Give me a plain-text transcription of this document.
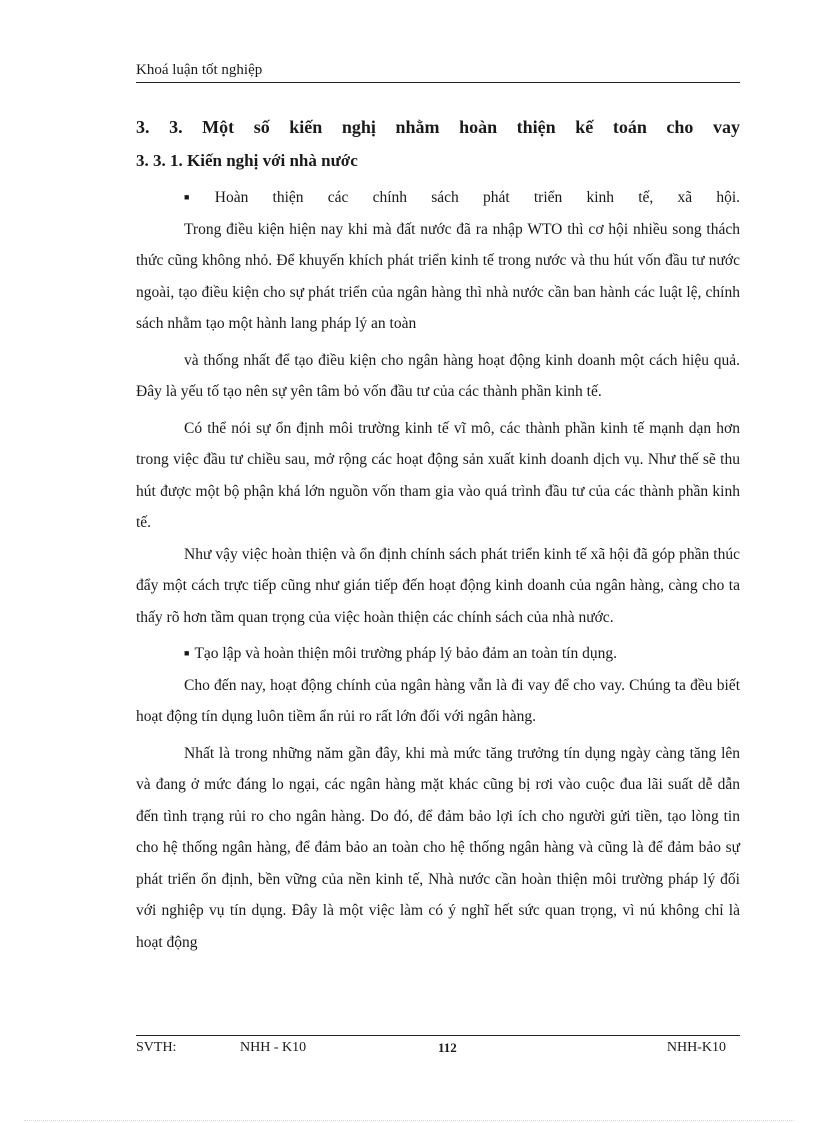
Khoá luận tốt nghiệp
3. 3. Một số kiến nghị nhằm hoàn thiện kế toán cho vay
3. 3. 1. Kiến nghị với nhà nước

■ Hoàn thiện các chính sách phát triển kinh tế, xã hội.

Trong điều kiện hiện nay khi mà đất nước đã ra nhập WTO thì cơ hội nhiều song thách thức cũng không nhỏ. Để khuyến khích phát triển kinh tế trong nước và thu hút vốn đầu tư nước ngoài, tạo điều kiện cho sự phát triển của ngân hàng thì nhà nước cần ban hành các luật lệ, chính sách nhằm tạo một hành lang pháp lý an toàn

và thống nhất để tạo điều kiện cho ngân hàng hoạt động kinh doanh một cách hiệu quả. Đây là yếu tố tạo nên sự yên tâm bỏ vốn đầu tư của các thành phần kinh tế.

Có thể nói sự ổn định môi trường kinh tế vĩ mô, các thành phần kinh tế mạnh dạn hơn trong việc đầu tư chiều sau, mở rộng các hoạt động sản xuất kinh doanh dịch vụ. Như thế sẽ thu hút được một bộ phận khá lớn nguồn vốn tham gia vào quá trình đầu tư của các thành phần kinh tế.

Như vậy việc hoàn thiện và ổn định chính sách phát triển kinh tế xã hội đã góp phần thúc đẩy một cách trực tiếp cũng như gián tiếp đến hoạt động kinh doanh của ngân hàng, càng cho ta thấy rõ hơn tầm quan trọng của việc hoàn thiện các chính sách của nhà nước.

■ Tạo lập và hoàn thiện môi trường pháp lý bảo đảm an toàn tín dụng.

Cho đến nay, hoạt động chính của ngân hàng vẫn là đi vay để cho vay. Chúng ta đều biết hoạt động tín dụng luôn tiềm ẩn rủi ro rất lớn đối với ngân hàng.

Nhất là trong những năm gần đây, khi mà mức tăng trưởng tín dụng ngày càng tăng lên và đang ở mức đáng lo ngại, các ngân hàng mặt khác cũng bị rơi vào cuộc đua lãi suất dễ dẫn đến tình trạng rủi ro cho ngân hàng. Do đó, để đảm bảo lợi ích cho người gửi tiền, tạo lòng tin cho hệ thống ngân hàng, để đảm bảo an toàn cho hệ thống ngân hàng và cũng là để đảm bảo sự phát triển ổn định, bền vững của nền kinh tế, Nhà nước cần hoàn thiện môi trường pháp lý đối với nghiệp vụ tín dụng. Đây là một việc làm có ý nghĩ hết sức quan trọng, vì nú không chỉ là hoạt động

SVTH:	NHH - K10	112	NHH-K10
